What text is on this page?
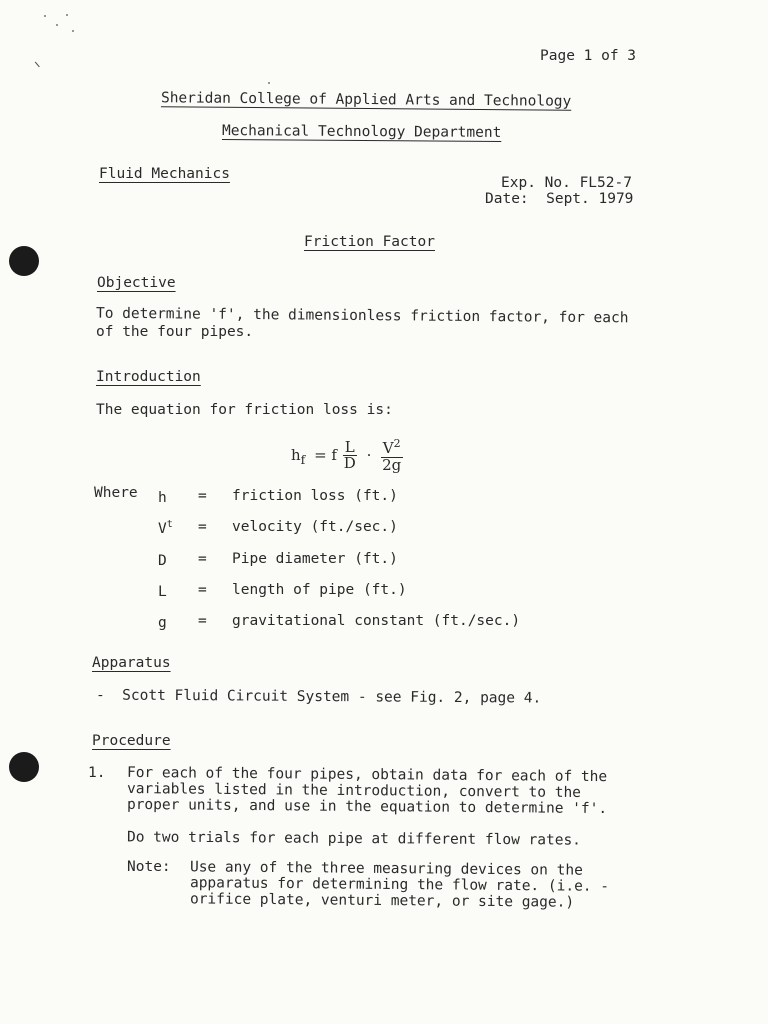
ᐠ
Page 1 of 3
Sheridan College of Applied Arts and Technology
Mechanical Technology Department
Fluid Mechanics
Exp. No. FL52-7
Date:  Sept. 1979
Friction Factor
Objective
To determine 'f', the dimensionless friction factor, for each
of the four pipes.
Introduction
The equation for friction loss is:
$h_f = f \frac{L}{D} \cdot \frac{V^2}{2g}$
Where h	=	friction loss (ft.)
$V^t$	=	velocity (ft./sec.)
D	=	Pipe diameter (ft.)
L	=	length of pipe (ft.)
g	=	gravitational constant (ft./sec.)
Apparatus
-  Scott Fluid Circuit System - see Fig. 2, page 4.
Procedure
1. For each of the four pipes, obtain data for each of the
variables listed in the introduction, convert to the
proper units, and use in the equation to determine 'f'.
Do two trials for each pipe at different flow rates.
Note: Use any of the three measuring devices on the
apparatus for determining the flow rate. (i.e. -
orifice plate, venturi meter, or site gage.)
